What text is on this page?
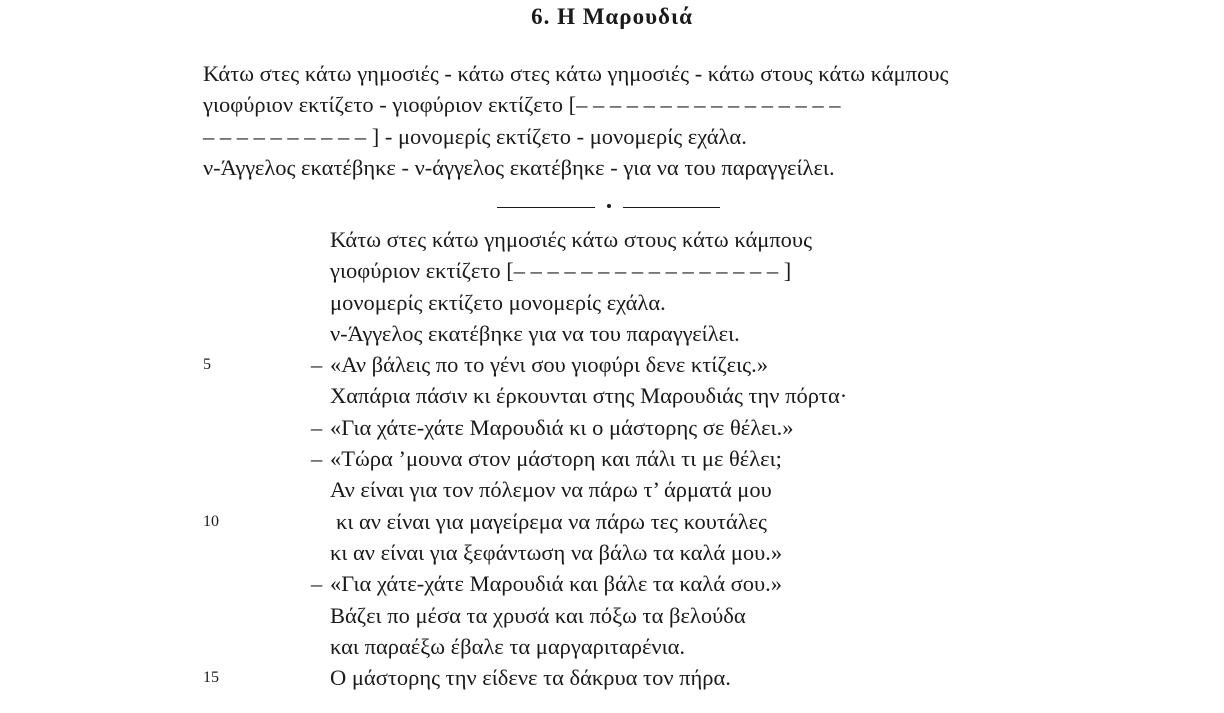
6. Η Μαρουδιά
Κάτω στες κάτω γημοσιές - κάτω στες κάτω γημοσιές - κάτω στους κάτω κάμπους
γιοφύριον εκτίζετο - γιοφύριον εκτίζετο [– – – – – – – – – – – – – – – –
– – – – – – – – – – ] - μονομερίς εκτίζετο - μονομερίς εχάλα.
ν-Άγγελος εκατέβηκε - ν-άγγελος εκατέβηκε - για να του παραγγείλει.
Κάτω στες κάτω γημοσιές κάτω στους κάτω κάμπους
γιοφύριον εκτίζετο [– – – – – – – – – – – – – – – – ]
μονομερίς εκτίζετο μονομερίς εχάλα.
ν-Άγγελος εκατέβηκε για να του παραγγείλει.
5	– «Αν βάλεις πο το γένι σου γιοφύρι δενε κτίζεις.»
Χαπάρια πάσιν κι έρκουνται στης Μαρουδιάς την πόρτα·
– «Για χάτε-χάτε Μαρουδιά κι ο μάστορης σε θέλει.»
– «Τώρα ’μουνα στον μάστορη και πάλι τι με θέλει;
Αν είναι για τον πόλεμον να πάρω τ’ άρματά μου
10	κι αν είναι για μαγείρεμα να πάρω τες κουτάλες
κι αν είναι για ξεφάντωση να βάλω τα καλά μου.»
– «Για χάτε-χάτε Μαρουδιά και βάλε τα καλά σου.»
Βάζει πο μέσα τα χρυσά και πόξω τα βελούδα
και παραέξω έβαλε τα μαργαριταρένια.
15	Ο μάστορης την είδενε τα δάκρυα τον πήρα.
